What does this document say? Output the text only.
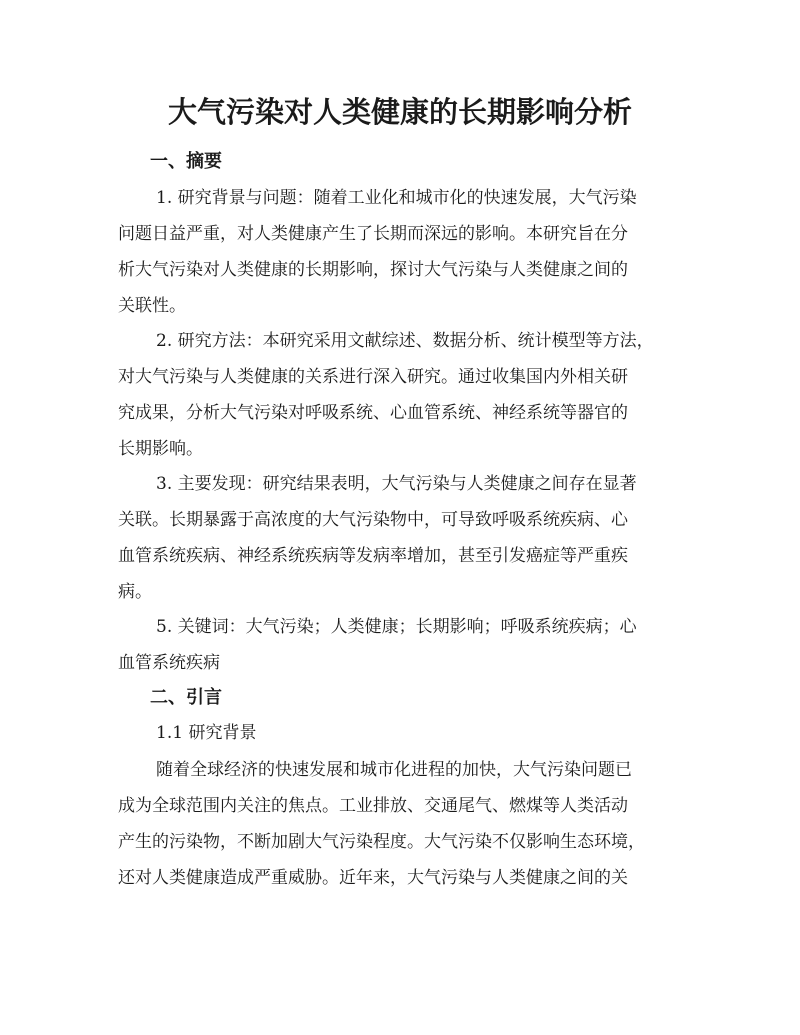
大气污染对人类健康的长期影响分析
一、摘要
1. 研究背景与问题：随着工业化和城市化的快速发展，大气污染
问题日益严重，对人类健康产生了长期而深远的影响。本研究旨在分
析大气污染对人类健康的长期影响，探讨大气污染与人类健康之间的
关联性。
2. 研究方法：本研究采用文献综述、数据分析、统计模型等方法，
对大气污染与人类健康的关系进行深入研究。通过收集国内外相关研
究成果，分析大气污染对呼吸系统、心血管系统、神经系统等器官的
长期影响。
3. 主要发现：研究结果表明，大气污染与人类健康之间存在显著
关联。长期暴露于高浓度的大气污染物中，可导致呼吸系统疾病、心
血管系统疾病、神经系统疾病等发病率增加，甚至引发癌症等严重疾
病。
5. 关键词：大气污染；人类健康；长期影响；呼吸系统疾病；心
血管系统疾病
二、引言
1.1 研究背景
随着全球经济的快速发展和城市化进程的加快，大气污染问题已
成为全球范围内关注的焦点。工业排放、交通尾气、燃煤等人类活动
产生的污染物，不断加剧大气污染程度。大气污染不仅影响生态环境，
还对人类健康造成严重威胁。近年来，大气污染与人类健康之间的关
